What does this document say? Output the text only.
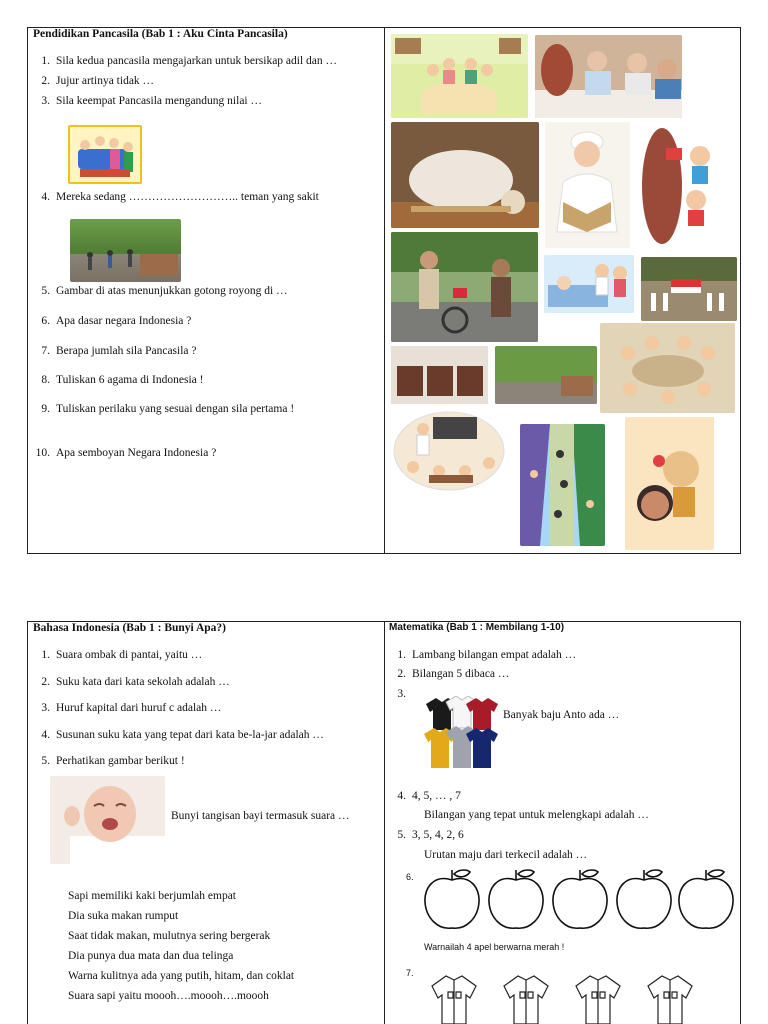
Pendidikan Pancasila (Bab 1 : Aku Cinta Pancasila)
1. Sila kedua pancasila mengajarkan untuk bersikap adil dan …
2. Jujur artinya tidak …
3. Sila keempat Pancasila mengandung nilai …
4. Mereka sedang ……………………….. teman yang sakit
5. Gambar di atas menunjukkan gotong royong di …
6. Apa dasar negara Indonesia ?
7. Berapa jumlah sila Pancasila ?
8. Tuliskan 6 agama di Indonesia !
9. Tuliskan perilaku yang sesuai dengan sila pertama !
10. Apa semboyan Negara Indonesia ?
Bahasa Indonesia (Bab 1 : Bunyi Apa?)
1. Suara ombak di pantai, yaitu …
2. Suku kata dari kata sekolah adalah …
3. Huruf kapital dari huruf c adalah …
4. Susunan suku kata yang tepat dari kata be-la-jar adalah …
5. Perhatikan gambar berikut !
Bunyi tangisan bayi termasuk suara …
Sapi memiliki kaki berjumlah empat
Dia suka makan rumput
Saat tidak makan, mulutnya sering bergerak
Dia punya dua mata dan dua telinga
Warna kulitnya ada yang putih, hitam, dan coklat
Suara sapi yaitu moooh….moooh….moooh
Matematika (Bab 1 : Membilang 1-10)
1. Lambang bilangan empat adalah …
2. Bilangan 5 dibaca …
3.
Banyak baju Anto ada …
4. 4, 5, … , 7
Bilangan yang tepat untuk melengkapi adalah …
5. 3, 5, 4, 2, 6
Urutan maju dari terkecil adalah …
6.
Warnailah 4 apel berwarna merah !
7.
